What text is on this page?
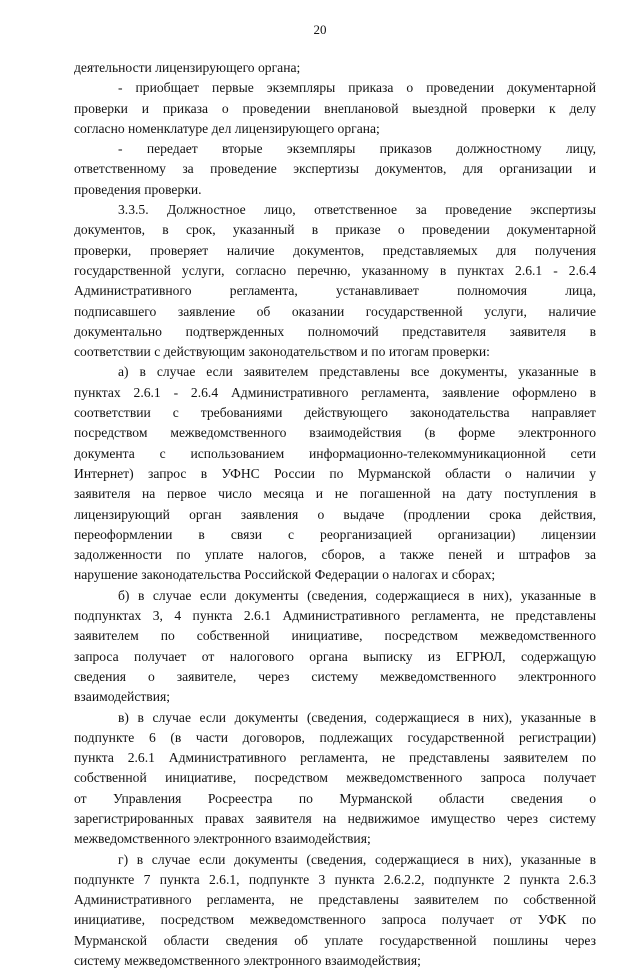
20
деятельности лицензирующего органа;
- приобщает первые экземпляры приказа о проведении документарной
проверки и приказа о проведении внеплановой выездной проверки к делу
согласно номенклатуре дел лицензирующего органа;
- передает вторые экземпляры приказов должностному лицу,
ответственному за проведение экспертизы документов, для организации и
проведения проверки.
3.3.5. Должностное лицо, ответственное за проведение экспертизы
документов, в срок, указанный в приказе о проведении документарной
проверки, проверяет наличие документов, представляемых для получения
государственной услуги, согласно перечню, указанному в пунктах 2.6.1 - 2.6.4
Административного регламента, устанавливает полномочия лица,
подписавшего заявление об оказании государственной услуги, наличие
документально подтвержденных полномочий представителя заявителя в
соответствии с действующим законодательством и по итогам проверки:
а) в случае если заявителем представлены все документы, указанные в
пунктах 2.6.1 - 2.6.4 Административного регламента, заявление оформлено в
соответствии с требованиями действующего законодательства направляет
посредством межведомственного взаимодействия (в форме электронного
документа с использованием информационно-телекоммуникационной сети
Интернет) запрос в УФНС России по Мурманской области о наличии у
заявителя на первое число месяца и не погашенной на дату поступления в
лицензирующий орган заявления о выдаче (продлении срока действия,
переоформлении в связи с реорганизацией организации) лицензии
задолженности по уплате налогов, сборов, а также пеней и штрафов за
нарушение законодательства Российской Федерации о налогах и сборах;
б) в случае если документы (сведения, содержащиеся в них), указанные в
подпунктах 3, 4 пункта 2.6.1 Административного регламента, не представлены
заявителем по собственной инициативе, посредством межведомственного
запроса получает от налогового органа выписку из ЕГРЮЛ, содержащую
сведения о заявителе, через систему межведомственного электронного
взаимодействия;
в) в случае если документы (сведения, содержащиеся в них), указанные в
подпункте 6 (в части договоров, подлежащих государственной регистрации)
пункта 2.6.1 Административного регламента, не представлены заявителем по
собственной инициативе, посредством межведомственного запроса получает
от Управления Росреестра по Мурманской области сведения о
зарегистрированных правах заявителя на недвижимое имущество через систему
межведомственного электронного взаимодействия;
г) в случае если документы (сведения, содержащиеся в них), указанные в
подпункте 7 пункта 2.6.1, подпункте 3 пункта 2.6.2.2, подпункте 2 пункта 2.6.3
Административного регламента, не представлены заявителем по собственной
инициативе, посредством межведомственного запроса получает от УФК по
Мурманской области сведения об уплате государственной пошлины через
систему межведомственного электронного взаимодействия;
